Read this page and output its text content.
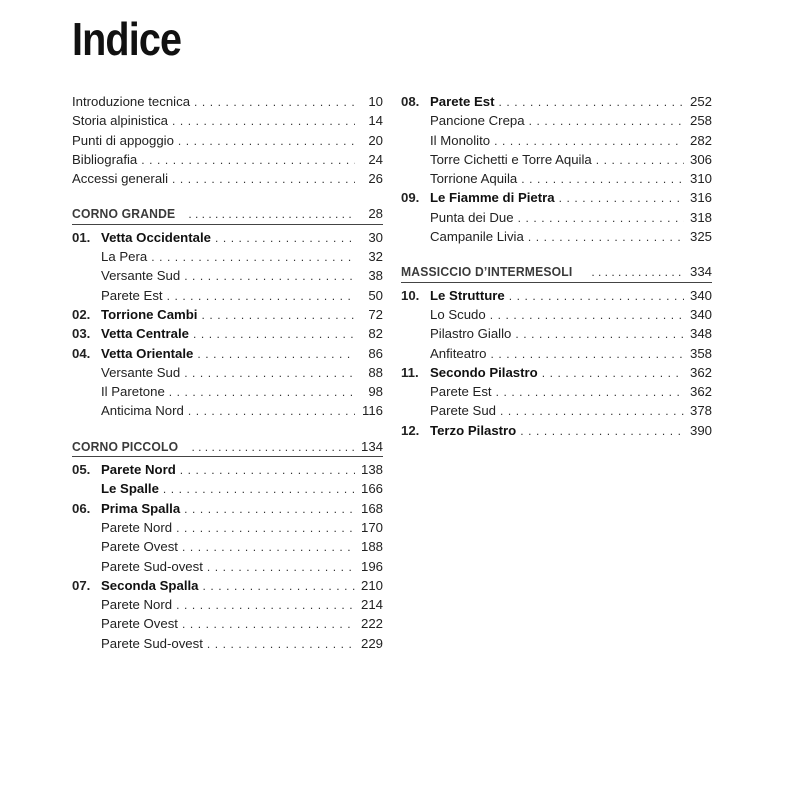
Indice
Introduzione tecnica . . .	10
Storia alpinistica . . .	14
Punti di appoggio . . .	20
Bibliografia . . .	24
Accessi generali . . .	26
CORNO GRANDE . . .	28
01. Vetta Occidentale . . .	30
La Pera . . .	32
Versante Sud . . .	38
Parete Est . . .	50
02. Torrione Cambi . . .	72
03. Vetta Centrale . . .	82
04. Vetta Orientale . . .	86
Versante Sud . . .	88
Il Paretone . . .	98
Anticima Nord . . .	116
CORNO PICCOLO . . .	134
05. Parete Nord . . .	138
Le Spalle . . .	166
06. Prima Spalla . . .	168
Parete Nord . . .	170
Parete Ovest . . .	188
Parete Sud-ovest . . .	196
07. Seconda Spalla . . .	210
Parete Nord . . .	214
Parete Ovest . . .	222
Parete Sud-ovest . . .	229
08. Parete Est . . .	252
Pancione Crepa . . .	258
Il Monolito . . .	282
Torre Cichetti e Torre Aquila . . .	306
Torrione Aquila . . .	310
09. Le Fiamme di Pietra . . .	316
Punta dei Due . . .	318
Campanile Livia . . .	325
MASSICCIO D’INTERMESOLI . . .	334
10. Le Strutture . . .	340
Lo Scudo . . .	340
Pilastro Giallo . . .	348
Anfiteatro . . .	358
11. Secondo Pilastro . . .	362
Parete Est . . .	362
Parete Sud . . .	378
12. Terzo Pilastro . . .	390
